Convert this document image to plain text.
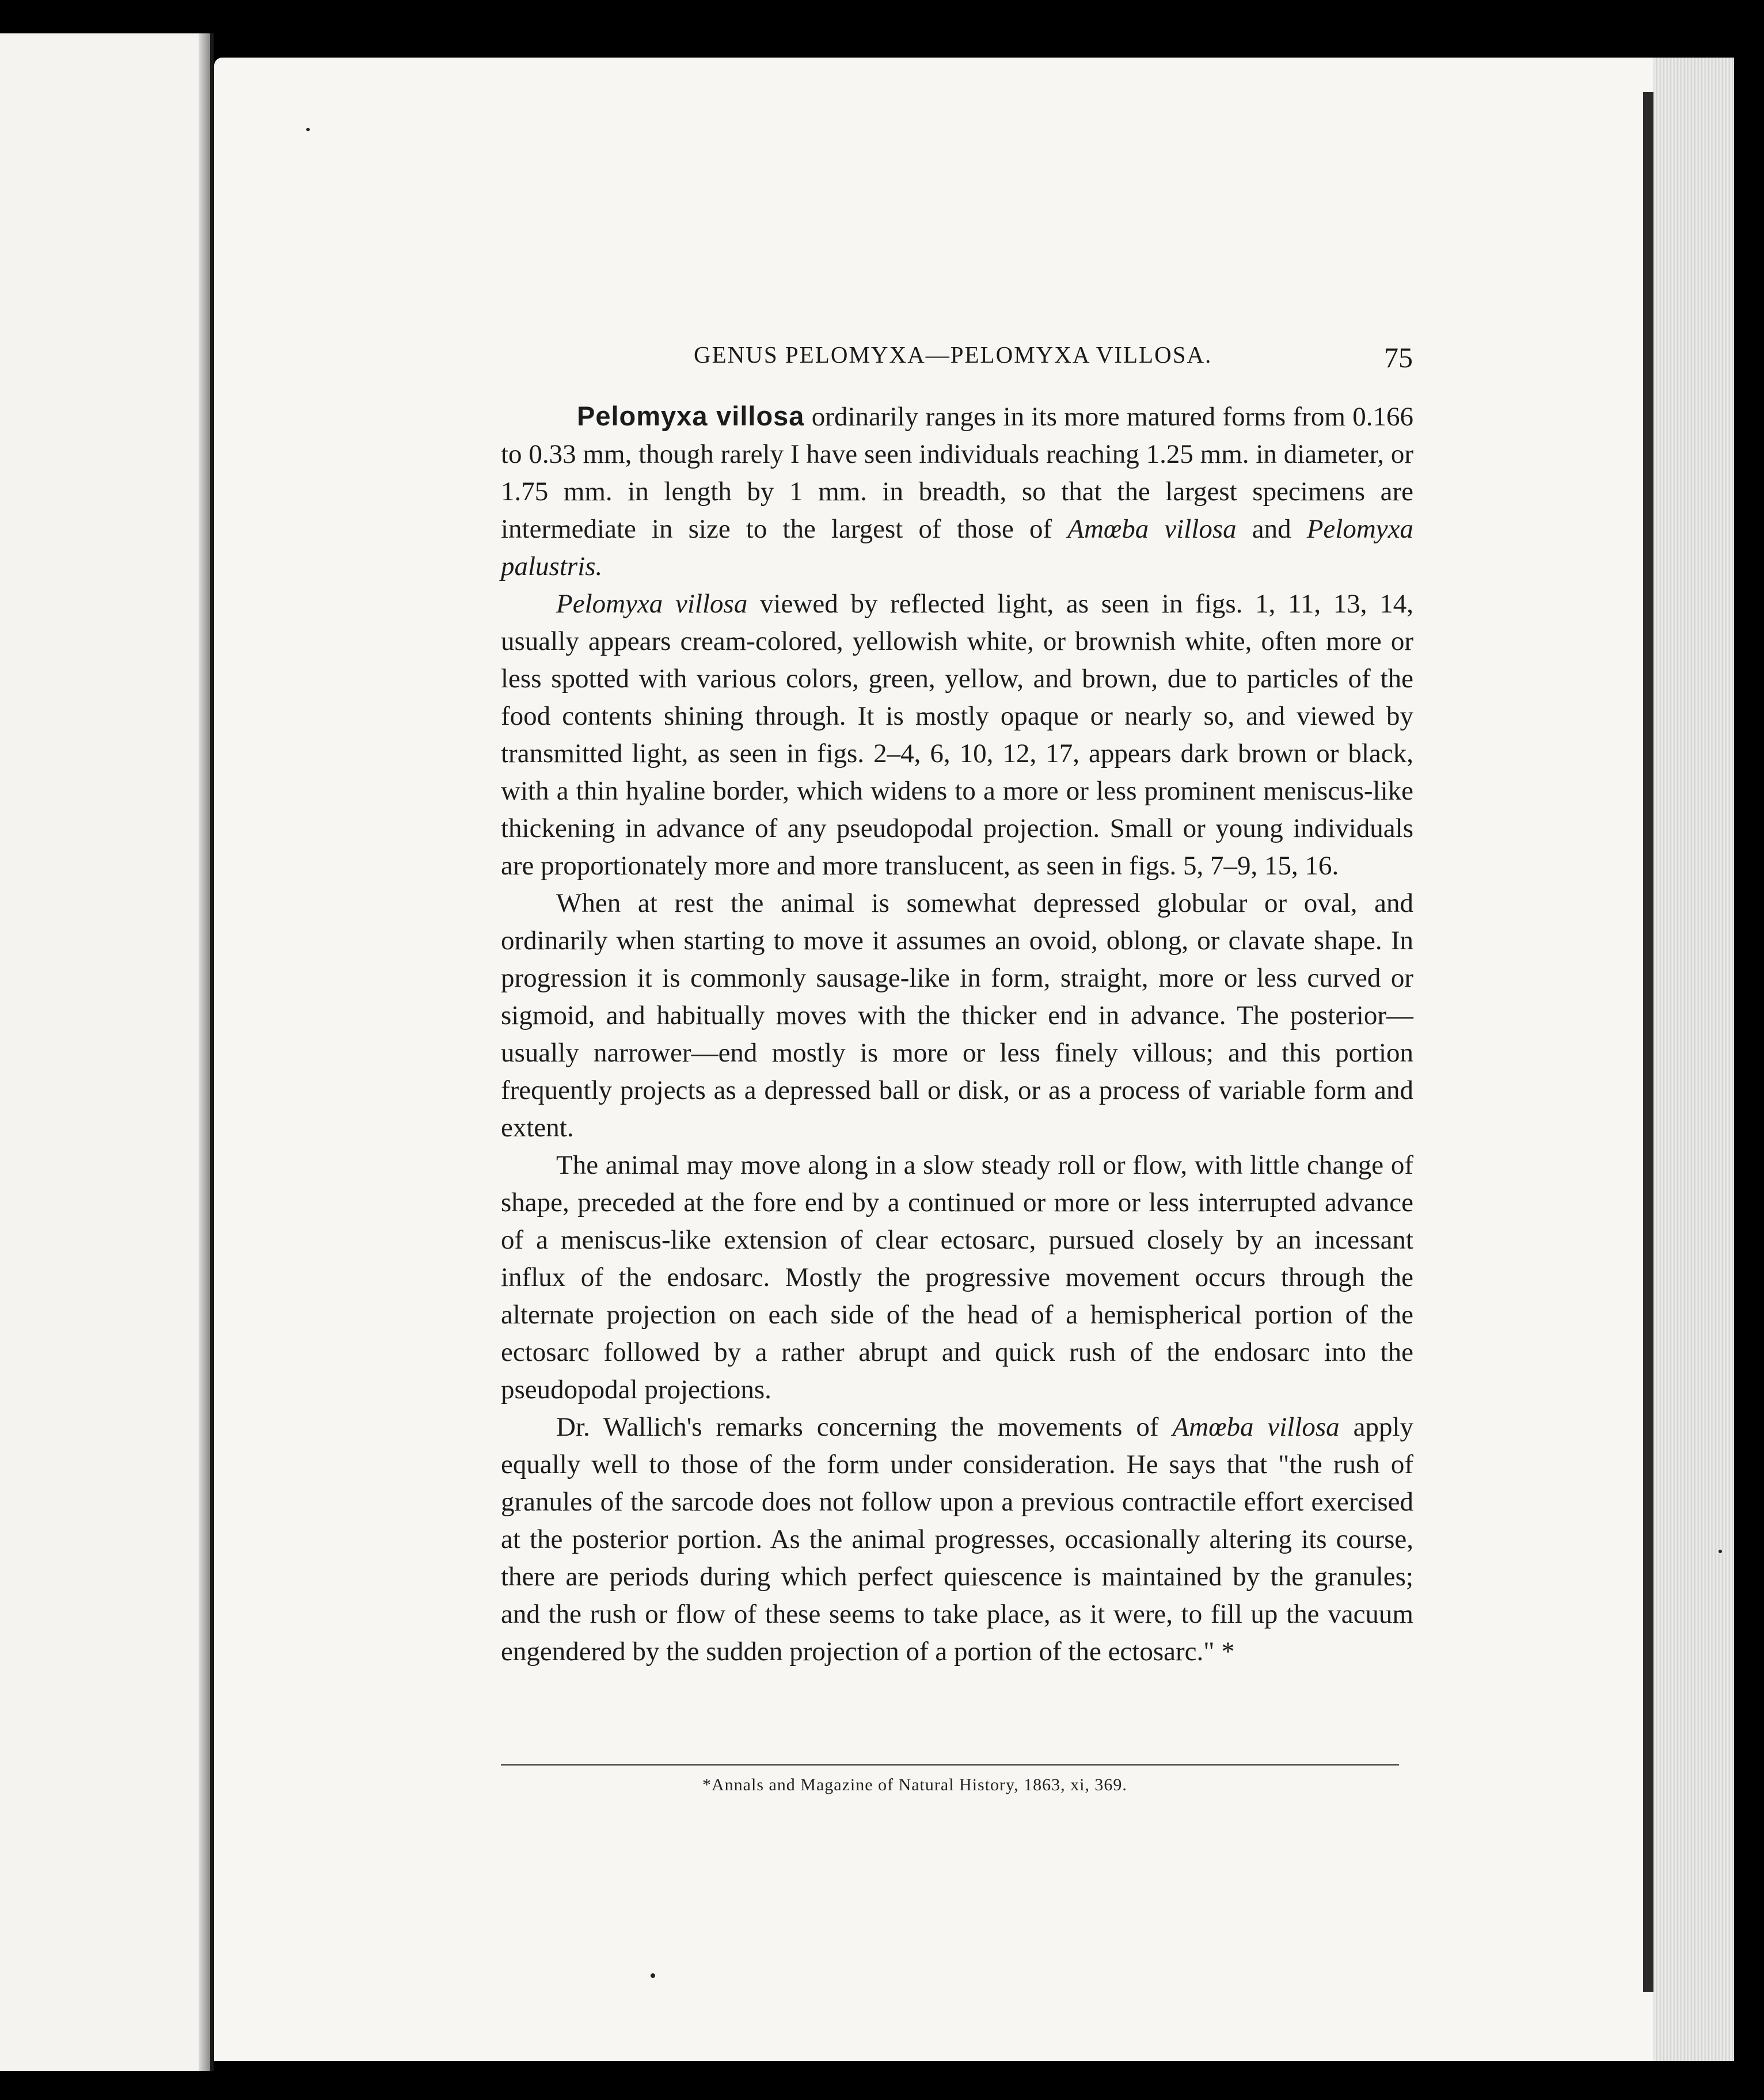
GENUS PELOMYXA—PELOMYXA VILLOSA.	75

Pelomyxa villosa ordinarily ranges in its more matured forms from 0.166 to 0.33 mm, though rarely I have seen individuals reaching 1.25 mm. in diameter, or 1.75 mm. in length by 1 mm. in breadth, so that the largest specimens are intermediate in size to the largest of those of Amœba villosa and Pelomyxa palustris.

Pelomyxa villosa viewed by reflected light, as seen in figs. 1, 11, 13, 14, usually appears cream-colored, yellowish white, or brownish white, often more or less spotted with various colors, green, yellow, and brown, due to particles of the food contents shining through. It is mostly opaque or nearly so, and viewed by transmitted light, as seen in figs. 2–4, 6, 10, 12, 17, appears dark brown or black, with a thin hyaline border, which widens to a more or less prominent meniscus-like thickening in advance of any pseudopodal projection. Small or young individuals are proportionately more and more translucent, as seen in figs. 5, 7–9, 15, 16.

When at rest the animal is somewhat depressed globular or oval, and ordinarily when starting to move it assumes an ovoid, oblong, or clavate shape. In progression it is commonly sausage-like in form, straight, more or less curved or sigmoid, and habitually moves with the thicker end in advance. The posterior—usually narrower—end mostly is more or less finely villous; and this portion frequently projects as a depressed ball or disk, or as a process of variable form and extent.

The animal may move along in a slow steady roll or flow, with little change of shape, preceded at the fore end by a continued or more or less interrupted advance of a meniscus-like extension of clear ectosarc, pursued closely by an incessant influx of the endosarc. Mostly the progressive movement occurs through the alternate projection on each side of the head of a hemispherical portion of the ectosarc followed by a rather abrupt and quick rush of the endosarc into the pseudopodal projections.

Dr. Wallich's remarks concerning the movements of Amœba villosa apply equally well to those of the form under consideration. He says that "the rush of granules of the sarcode does not follow upon a previous contractile effort exercised at the posterior portion. As the animal progresses, occasionally altering its course, there are periods during which perfect quiescence is maintained by the granules; and the rush or flow of these seems to take place, as it were, to fill up the vacuum engendered by the sudden projection of a portion of the ectosarc." *

*Annals and Magazine of Natural History, 1863, xi, 369.
